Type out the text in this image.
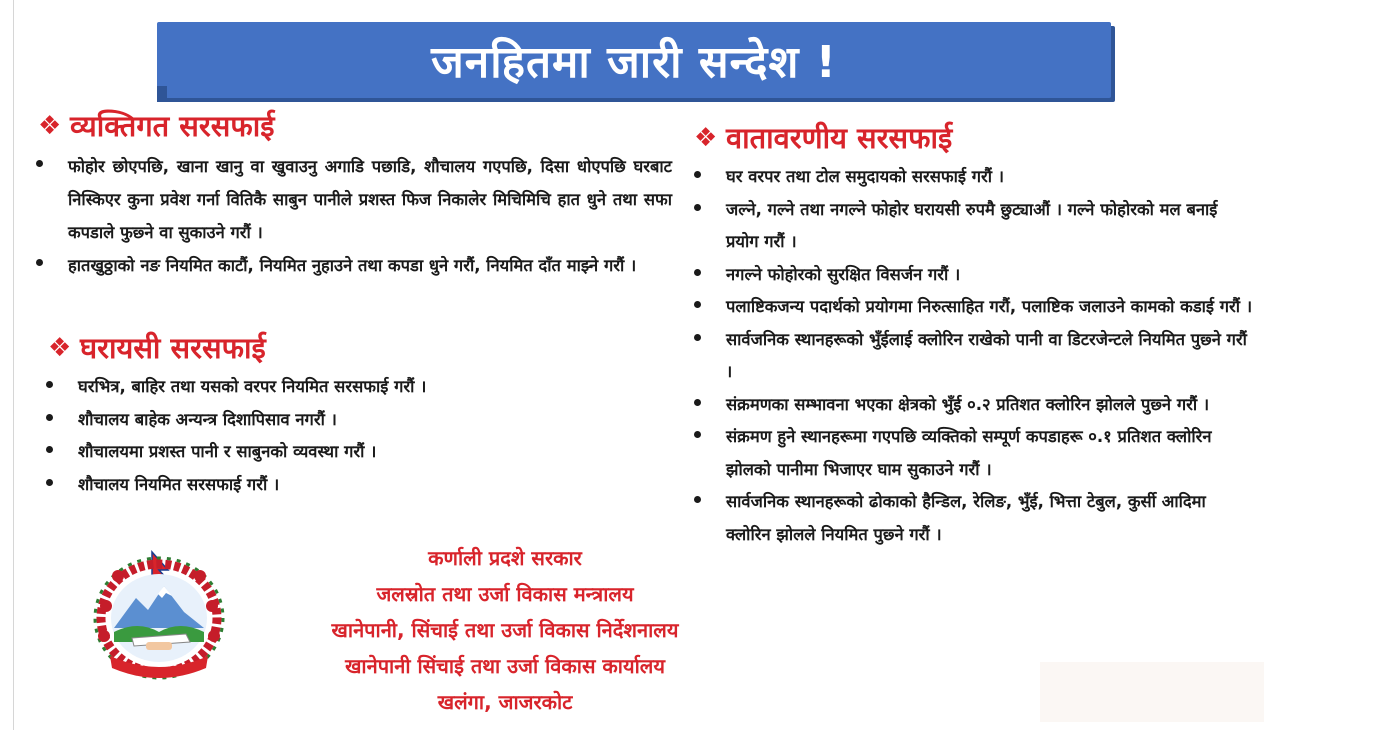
जनहितमा जारी सन्देश !
❖ व्यक्तिगत सरसफाई
फोहोर छोएपछि, खाना खानु वा खुवाउनु अगाडि पछाडि, शौचालय गएपछि, दिसा धोएपछि घरबाट निस्किएर कुना प्रवेश गर्ना वितिकै साबुन पानीले प्रशस्त फिज निकालेर मिचिमिचि हात धुने तथा सफा कपडाले फुछ्ने वा सुकाउने गरौं ।
हातखुठ्ठाको नङ नियमित काटौं, नियमित नुहाउने तथा कपडा धुने गरौं, नियमित दाँत माझ्ने गरौं ।
❖ घरायसी सरसफाई
घरभित्र, बाहिर तथा यसको वरपर नियमित सरसफाई गरौं ।
शौचालय बाहेक अन्यन्त्र दिशापिसाव नगरौं ।
शौचालयमा प्रशस्त पानी र साबुनको व्यवस्था गरौं ।
शौचालय नियमित सरसफाई गरौं ।
❖ वातावरणीय सरसफाई
घर वरपर तथा टोल समुदायको सरसफाई गरौं ।
जल्ने, गल्ने तथा नगल्ने फोहोर घरायसी रुपमै छुट्याऔं । गल्ने फोहोरको मल बनाई प्रयोग गरौं ।
नगल्ने फोहोरको सुरक्षित विसर्जन गरौं ।
पलाष्टिकजन्य पदार्थको प्रयोगमा निरुत्साहित गरौं, पलाष्टिक जलाउने कामको कडाई गरौं ।
सार्वजनिक स्थानहरूको भुँईलाई क्लोरिन राखेको पानी वा डिटरजेन्टले नियमित पुछ्ने गरौं ।
संक्रमणका सम्भावना भएका क्षेत्रको भुँई ०.२ प्रतिशत क्लोरिन झोलले पुछ्ने गरौं ।
संक्रमण हुने स्थानहरूमा गएपछि व्यक्तिको सम्पूर्ण कपडाहरू ०.१ प्रतिशत क्लोरिन झोलको पानीमा भिजाएर घाम सुकाउने गरौं ।
सार्वजनिक स्थानहरूको ढोकाको हैन्डिल, रेलिङ, भुँई, भित्ता टेबुल, कुर्सी आदिमा क्लोरिन झोलले नियमित पुछ्ने गरौं ।
कर्णाली प्रदशे सरकार
जलस्रोत तथा उर्जा विकास मन्त्रालय
खानेपानी, सिंचाई तथा उर्जा विकास निर्देशनालय
खानेपानी सिंचाई तथा उर्जा विकास कार्यालय
खलंगा, जाजरकोट
